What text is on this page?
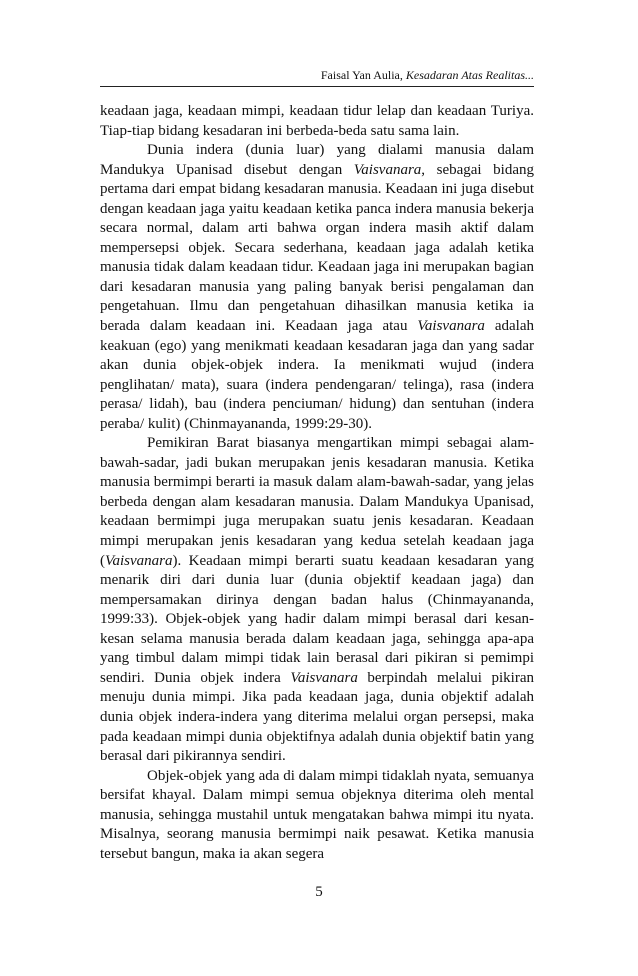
Faisal Yan Aulia, Kesadaran Atas Realitas...

keadaan jaga, keadaan mimpi, keadaan tidur lelap dan keadaan Turiya. Tiap-tiap bidang kesadaran ini berbeda-beda satu sama lain.

Dunia indera (dunia luar) yang dialami manusia dalam Mandukya Upanisad disebut dengan Vaisvanara, sebagai bidang pertama dari empat bidang kesadaran manusia. Keadaan ini juga disebut dengan keadaan jaga yaitu keadaan ketika panca indera manusia bekerja secara normal, dalam arti bahwa organ indera masih aktif dalam mempersepsi objek. Secara sederhana, keadaan jaga adalah ketika manusia tidak dalam keadaan tidur. Keadaan jaga ini merupakan bagian dari kesadaran manusia yang paling banyak berisi pengalaman dan pengetahuan. Ilmu dan pengetahuan dihasilkan manusia ketika ia berada dalam keadaan ini. Keadaan jaga atau Vaisvanara adalah keakuan (ego) yang menikmati keadaan kesadaran jaga dan yang sadar akan dunia objek-objek indera. Ia menikmati wujud (indera penglihatan/ mata), suara (indera pendengaran/ telinga), rasa (indera perasa/ lidah), bau (indera penciuman/ hidung) dan sentuhan (indera peraba/ kulit) (Chinmayananda, 1999:29-30).

Pemikiran Barat biasanya mengartikan mimpi sebagai alam-bawah-sadar, jadi bukan merupakan jenis kesadaran manusia. Ketika manusia bermimpi berarti ia masuk dalam alam-bawah-sadar, yang jelas berbeda dengan alam kesadaran manusia. Dalam Mandukya Upanisad, keadaan bermimpi juga merupakan suatu jenis kesadaran. Keadaan mimpi merupakan jenis kesadaran yang kedua setelah keadaan jaga (Vaisvanara). Keadaan mimpi berarti suatu keadaan kesadaran yang menarik diri dari dunia luar (dunia objektif keadaan jaga) dan mempersamakan dirinya dengan badan halus (Chinmayananda, 1999:33). Objek-objek yang hadir dalam mimpi berasal dari kesan-kesan selama manusia berada dalam keadaan jaga, sehingga apa-apa yang timbul dalam mimpi tidak lain berasal dari pikiran si pemimpi sendiri. Dunia objek indera Vaisvanara berpindah melalui pikiran menuju dunia mimpi. Jika pada keadaan jaga, dunia objektif adalah dunia objek indera-indera yang diterima melalui organ persepsi, maka pada keadaan mimpi dunia objektifnya adalah dunia objektif batin yang berasal dari pikirannya sendiri.

Objek-objek yang ada di dalam mimpi tidaklah nyata, semuanya bersifat khayal. Dalam mimpi semua objeknya diterima oleh mental manusia, sehingga mustahil untuk mengatakan bahwa mimpi itu nyata. Misalnya, seorang manusia bermimpi naik pesawat. Ketika manusia tersebut bangun, maka ia akan segera

5
